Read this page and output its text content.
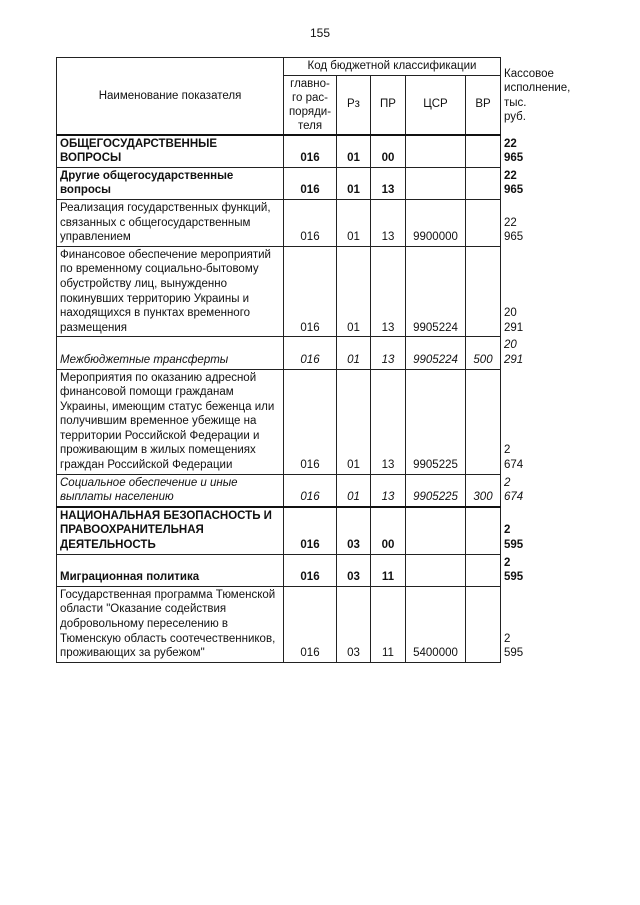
155
Наименование показателя	Код бюджетной классификации					Кассовое исполнение, тыс. руб.
	главно-го рас-поряди-теля	Рз	ПР	ЦСР	ВР	
ОБЩЕГОСУДАРСТВЕННЫЕ ВОПРОСЫ	016	01	00			22 965
Другие общегосударственные вопросы	016	01	13			22 965
Реализация государственных функций, связанных с общегосударственным управлением	016	01	13	9900000		22 965
Финансовое обеспечение мероприятий по временному социально-бытовому обустройству лиц, вынужденно покинувших территорию Украины и находящихся в пунктах временного размещения	016	01	13	9905224		20 291
Межбюджетные трансферты	016	01	13	9905224	500	20 291
Мероприятия по оказанию адресной финансовой помощи гражданам Украины, имеющим статус беженца или получившим временное убежище на территории Российской Федерации и проживающим в жилых помещениях граждан Российской Федерации	016	01	13	9905225		2 674
Социальное обеспечение и иные выплаты населению	016	01	13	9905225	300	2 674
НАЦИОНАЛЬНАЯ БЕЗОПАСНОСТЬ И ПРАВООХРАНИТЕЛЬНАЯ ДЕЯТЕЛЬНОСТЬ	016	03	00			2 595
Миграционная политика	016	03	11			2 595
Государственная программа Тюменской области "Оказание содействия добровольному переселению в Тюменскую область соотечественников, проживающих за рубежом"	016	03	11	5400000		2 595
